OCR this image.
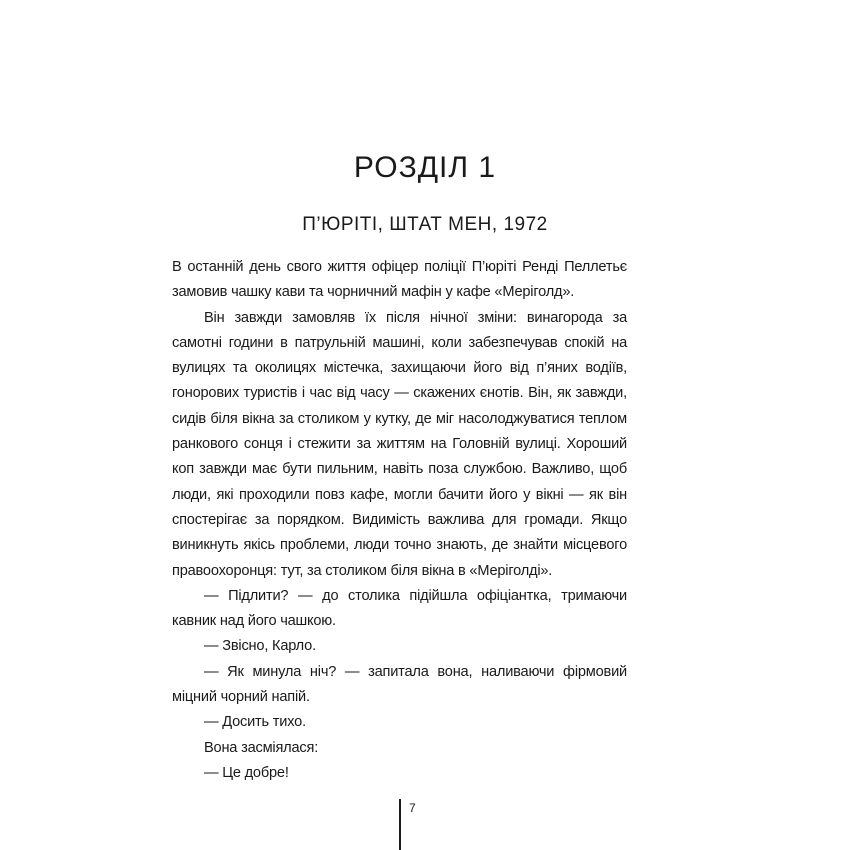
РОЗДІЛ 1
П’ЮРІТІ, ШТАТ МЕН, 1972

В останній день свого життя офіцер поліції П’юріті Ренді Пеллетьє замовив чашку кави та чорничний мафін у кафе «Меріголд».

Він завжди замовляв їх після нічної зміни: винагорода за самотні години в патрульній машині, коли забезпечував спокій на вулицях та околицях містечка, захищаючи його від п’яних водіїв, гонорових туристів і час від часу — скажених єнотів. Він, як завжди, сидів біля вікна за столиком у кутку, де міг насолоджуватися теплом ранкового сонця і стежити за життям на Головній вулиці. Хороший коп завжди має бути пильним, навіть поза службою. Важливо, щоб люди, які проходили повз кафе, могли бачити його у вікні — як він спостерігає за порядком. Видимість важлива для громади. Якщо виникнуть якісь проблеми, люди точно знають, де знайти місцевого правоохоронця: тут, за столиком біля вікна в «Меріголді».

— Підлити? — до столика підійшла офіціантка, тримаючи кавник над його чашкою.

— Звісно, Карло.

— Як минула ніч? — запитала вона, наливаючи фірмовий міцний чорний напій.

— Досить тихо.

Вона засміялася:

— Це добре!

7
